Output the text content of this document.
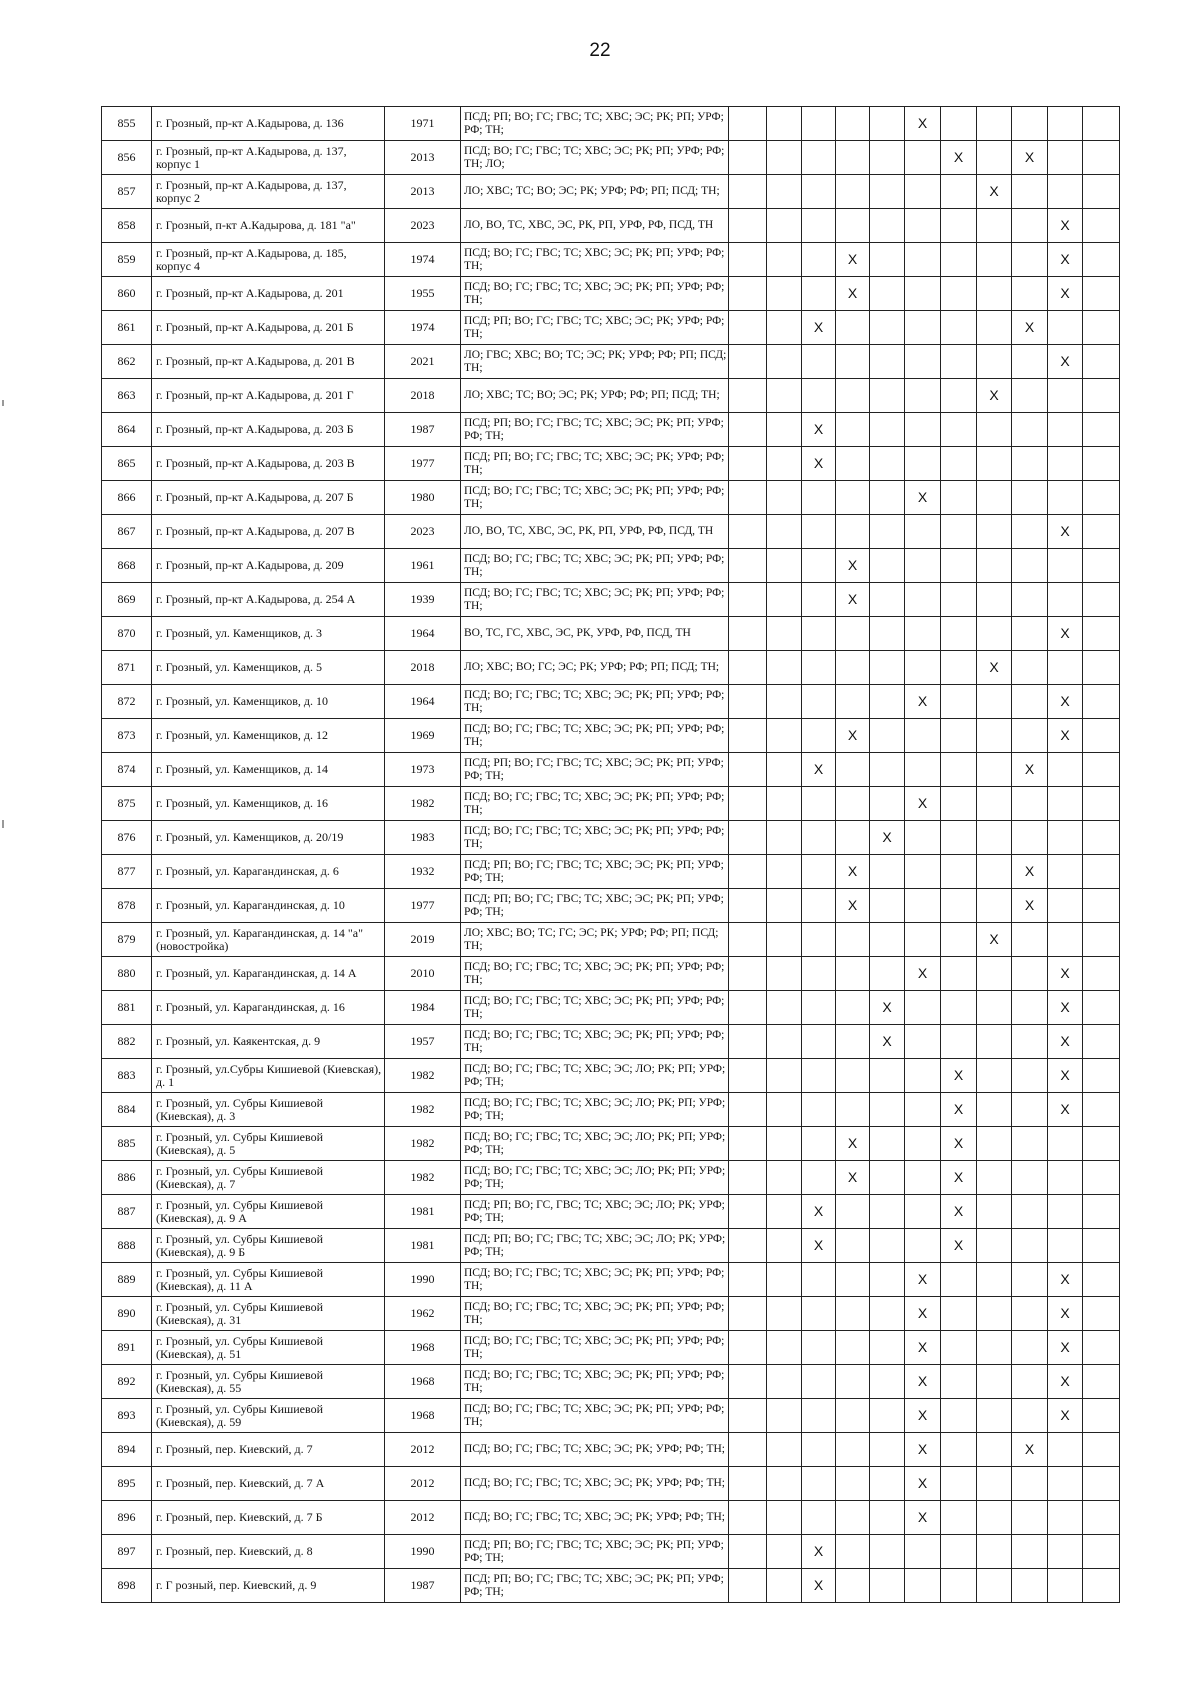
22
855	г. Грозный, пр-кт А.Кадырова, д. 136	1971	ПСД; РП; ВО; ГС; ГВС; ТС; ХВС; ЭС; РК; РП; УРФ; РФ; ТН;						X					
856	г. Грозный, пр-кт А.Кадырова, д. 137, корпус 1	2013	ПСД; ВО; ГС; ГВС; ТС; ХВС; ЭС; РК; РП; УРФ; РФ; ТН; ЛО;							X		X		
857	г. Грозный, пр-кт А.Кадырова, д. 137, корпус 2	2013	ЛО; ХВС; ТС; ВО; ЭС; РК; УРФ; РФ; РП; ПСД; ТН;								X			
858	г. Грозный, п-кт А.Кадырова, д. 181 "а"	2023	ЛО, ВО, ТС, ХВС, ЭС, РК, РП, УРФ, РФ, ПСД, ТН										X	
859	г. Грозный, пр-кт А.Кадырова, д. 185, корпус 4	1974	ПСД; ВО; ГС; ГВС; ТС; ХВС; ЭС; РК; РП; УРФ; РФ; ТН;				X						X	
860	г. Грозный, пр-кт А.Кадырова, д. 201	1955	ПСД; ВО; ГС; ГВС; ТС; ХВС; ЭС; РК; РП; УРФ; РФ; ТН;				X						X	
861	г. Грозный, пр-кт А.Кадырова, д. 201 Б	1974	ПСД; РП; ВО; ГС; ГВС; ТС; ХВС; ЭС; РК; УРФ; РФ; ТН;			X						X		
862	г. Грозный, пр-кт А.Кадырова, д. 201 В	2021	ЛО; ГВС; ХВС; ВО; ТС; ЭС; РК; УРФ; РФ; РП; ПСД; ТН;										X	
863	г. Грозный, пр-кт А.Кадырова, д. 201 Г	2018	ЛО; ХВС; ТС; ВО; ЭС; РК; УРФ; РФ; РП; ПСД; ТН;								X			
864	г. Грозный, пр-кт А.Кадырова, д. 203 Б	1987	ПСД; РП; ВО; ГС; ГВС; ТС; ХВС; ЭС; РК; РП; УРФ; РФ; ТН;			X								
865	г. Грозный, пр-кт А.Кадырова, д. 203 В	1977	ПСД; РП; ВО; ГС; ГВС; ТС; ХВС; ЭС; РК; УРФ; РФ; ТН;			X								
866	г. Грозный, пр-кт А.Кадырова, д. 207 Б	1980	ПСД; ВО; ГС; ГВС; ТС; ХВС; ЭС; РК; РП; УРФ; РФ; ТН;						X					
867	г. Грозный, пр-кт А.Кадырова, д. 207 В	2023	ЛО, ВО, ТС, ХВС, ЭС, РК, РП, УРФ, РФ, ПСД, ТН										X	
868	г. Грозный, пр-кт А.Кадырова, д. 209	1961	ПСД; ВО; ГС; ГВС; ТС; ХВС; ЭС; РК; РП; УРФ; РФ; ТН;				X							
869	г. Грозный, пр-кт А.Кадырова, д. 254 А	1939	ПСД; ВО; ГС; ГВС; ТС; ХВС; ЭС; РК; РП; УРФ; РФ; ТН;				X							
870	г. Грозный, ул. Каменщиков, д. 3	1964	ВО, ТС, ГС, ХВС, ЭС, РК, УРФ, РФ, ПСД, ТН										X	
871	г. Грозный, ул. Каменщиков, д. 5	2018	ЛО; ХВС; ВО; ГС; ЭС; РК; УРФ; РФ; РП; ПСД; ТН;								X			
872	г. Грозный, ул. Каменщиков, д. 10	1964	ПСД; ВО; ГС; ГВС; ТС; ХВС; ЭС; РК; РП; УРФ; РФ; ТН;						X				X	
873	г. Грозный, ул. Каменщиков, д. 12	1969	ПСД; ВО; ГС; ГВС; ТС; ХВС; ЭС; РК; РП; УРФ; РФ; ТН;				X						X	
874	г. Грозный, ул. Каменщиков, д. 14	1973	ПСД; РП; ВО; ГС; ГВС; ТС; ХВС; ЭС; РК; РП; УРФ; РФ; ТН;			X						X		
875	г. Грозный, ул. Каменщиков, д. 16	1982	ПСД; ВО; ГС; ГВС; ТС; ХВС; ЭС; РК; РП; УРФ; РФ; ТН;						X					
876	г. Грозный, ул. Каменщиков, д. 20/19	1983	ПСД; ВО; ГС; ГВС; ТС; ХВС; ЭС; РК; РП; УРФ; РФ; ТН;					X						
877	г. Грозный, ул. Карагандинская, д. 6	1932	ПСД; РП; ВО; ГС; ГВС; ТС; ХВС; ЭС; РК; РП; УРФ; РФ; ТН;				X					X		
878	г. Грозный, ул. Карагандинская, д. 10	1977	ПСД; РП; ВО; ГС; ГВС; ТС; ХВС; ЭС; РК; РП; УРФ; РФ; ТН;				X					X		
879	г. Грозный, ул. Карагандинская, д. 14 "а" (новостройка)	2019	ЛО; ХВС; ВО; ТС; ГС; ЭС; РК; УРФ; РФ; РП; ПСД; ТН;								X			
880	г. Грозный, ул. Карагандинская, д. 14 А	2010	ПСД; ВО; ГС; ГВС; ТС; ХВС; ЭС; РК; РП; УРФ; РФ; ТН;						X				X	
881	г. Грозный, ул. Карагандинская, д. 16	1984	ПСД; ВО; ГС; ГВС; ТС; ХВС; ЭС; РК; РП; УРФ; РФ; ТН;					X					X	
882	г. Грозный, ул. Каякентская, д. 9	1957	ПСД; ВО; ГС; ГВС; ТС; ХВС; ЭС; РК; РП; УРФ; РФ; ТН;					X					X	
883	г. Грозный, ул.Субры Кишиевой (Киевская), д. 1	1982	ПСД; ВО; ГС; ГВС; ТС; ХВС; ЭС; ЛО; РК; РП; УРФ; РФ; ТН;							X			X	
884	г. Грозный, ул. Субры Кишиевой (Киевская), д. 3	1982	ПСД; ВО; ГС; ГВС; ТС; ХВС; ЭС; ЛО; РК; РП; УРФ; РФ; ТН;							X			X	
885	г. Грозный, ул. Субры Кишиевой (Киевская), д. 5	1982	ПСД; ВО; ГС; ГВС; ТС; ХВС; ЭС; ЛО; РК; РП; УРФ; РФ; ТН;				X			X				
886	г. Грозный, ул. Субры Кишиевой (Киевская), д. 7	1982	ПСД; ВО; ГС; ГВС; ТС; ХВС; ЭС; ЛО; РК; РП; УРФ; РФ; ТН;				X			X				
887	г. Грозный, ул. Субры Кишиевой (Киевская), д. 9 А	1981	ПСД; РП; ВО; ГС, ГВС; ТС; ХВС; ЭС; ЛО; РК; УРФ; РФ; ТН;			X				X				
888	г. Грозный, ул. Субры Кишиевой (Киевская), д. 9 Б	1981	ПСД; РП; ВО; ГС; ГВС; ТС; ХВС; ЭС; ЛО; РК; УРФ; РФ; ТН;			X				X				
889	г. Грозный, ул. Субры Кишиевой (Киевская), д. 11 А	1990	ПСД; ВО; ГС; ГВС; ТС; ХВС; ЭС; РК; РП; УРФ; РФ; ТН;						X				X	
890	г. Грозный, ул. Субры Кишиевой (Киевская), д. 31	1962	ПСД; ВО; ГС; ГВС; ТС; ХВС; ЭС; РК; РП; УРФ; РФ; ТН;						X				X	
891	г. Грозный, ул. Субры Кишиевой (Киевская), д. 51	1968	ПСД; ВО; ГС; ГВС; ТС; ХВС; ЭС; РК; РП; УРФ; РФ; ТН;						X				X	
892	г. Грозный, ул. Субры Кишиевой (Киевская), д. 55	1968	ПСД; ВО; ГС; ГВС; ТС; ХВС; ЭС; РК; РП; УРФ; РФ; ТН;						X				X	
893	г. Грозный, ул. Субры Кишиевой (Киевская), д. 59	1968	ПСД; ВО; ГС; ГВС; ТС; ХВС; ЭС; РК; РП; УРФ; РФ; ТН;						X				X	
894	г. Грозный, пер. Киевский, д. 7	2012	ПСД; ВО; ГС; ГВС; ТС; ХВС; ЭС; РК; УРФ; РФ; ТН;						X			X		
895	г. Грозный, пер. Киевский, д. 7 А	2012	ПСД; ВО; ГС; ГВС; ТС; ХВС; ЭС; РК; УРФ; РФ; ТН;						X					
896	г. Грозный, пер. Киевский, д. 7 Б	2012	ПСД; ВО; ГС; ГВС; ТС; ХВС; ЭС; РК; УРФ; РФ; ТН;						X					
897	г. Грозный, пер. Киевский, д. 8	1990	ПСД; РП; ВО; ГС; ГВС; ТС; ХВС; ЭС; РК; РП; УРФ; РФ; ТН;			X								
898	г. Г розный, пер. Киевский, д. 9	1987	ПСД; РП; ВО; ГС; ГВС; ТС; ХВС; ЭС; РК; РП; УРФ; РФ; ТН;			X								
